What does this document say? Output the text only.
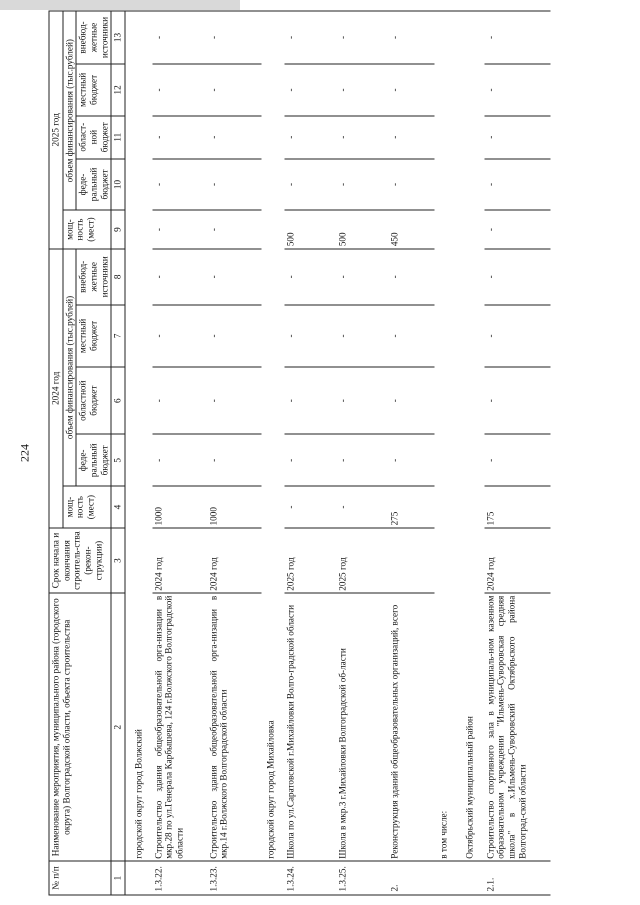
224
№ п/п	Наименование мероприятия, муниципального района (городского округа) Волгоградской области, объекта строительства	Срок начала и окончания строитель-ства (рекон-струкции)	2024 год					2025 год				
			мощ-ность (мест)	объем финансирования (тыс.рублей)				мощ-ность (мест)	объем финансирования (тыс.рублей)			
				феде-ральный бюджет	областной бюджет	местный бюджет	внебюд-жетные источники		феде-ральный бюджет	област-ной бюджет	местный бюджет	внебюд-жетные источники
1	2	3	4	5	6	7	8	9	10	11	12	13
	городской округ город Волжский											
1.3.22.	Строительство здания общеобразовательной орга-низации в мкр.28 по ул.Генерала Карбышева, 124 г.Волжского Волгоградской области	2024 год	1000	-	-	-	-	-	-	-	-	-
1.3.23.	Строительство здания общеобразовательной орга-низации в мкр.14 г.Волжского Волгоградской области	2024 год	1000	-	-	-	-	-	-	-	-	-
	городской округ город Михайловка											
1.3.24.	Школа по ул.Саратовской г.Михайловки Волго-градской области	2025 год	-	-	-	-	-	500	-	-	-	-
1.3.25.	Школа в мкр.3 г.Михайловки Волгоградской об-ласти	2025 год	-	-	-	-	-	500	-	-	-	-
2.	Реконструкция зданий общеобразовательных организаций, всего		275	-	-	-	-	450	-	-	-	-
	в том числе:											
	Октябрьский муниципальный район											
2.1.	Строительство спортивного зала в муниципаль-ном казенном образовательном учреждении "Ильмень-Суворовская средняя школа" в х.Ильмень-Суворовский Октябрьского района Волгоград-ской области	2024 год	175	-	-	-	-	-	-	-	-	-
